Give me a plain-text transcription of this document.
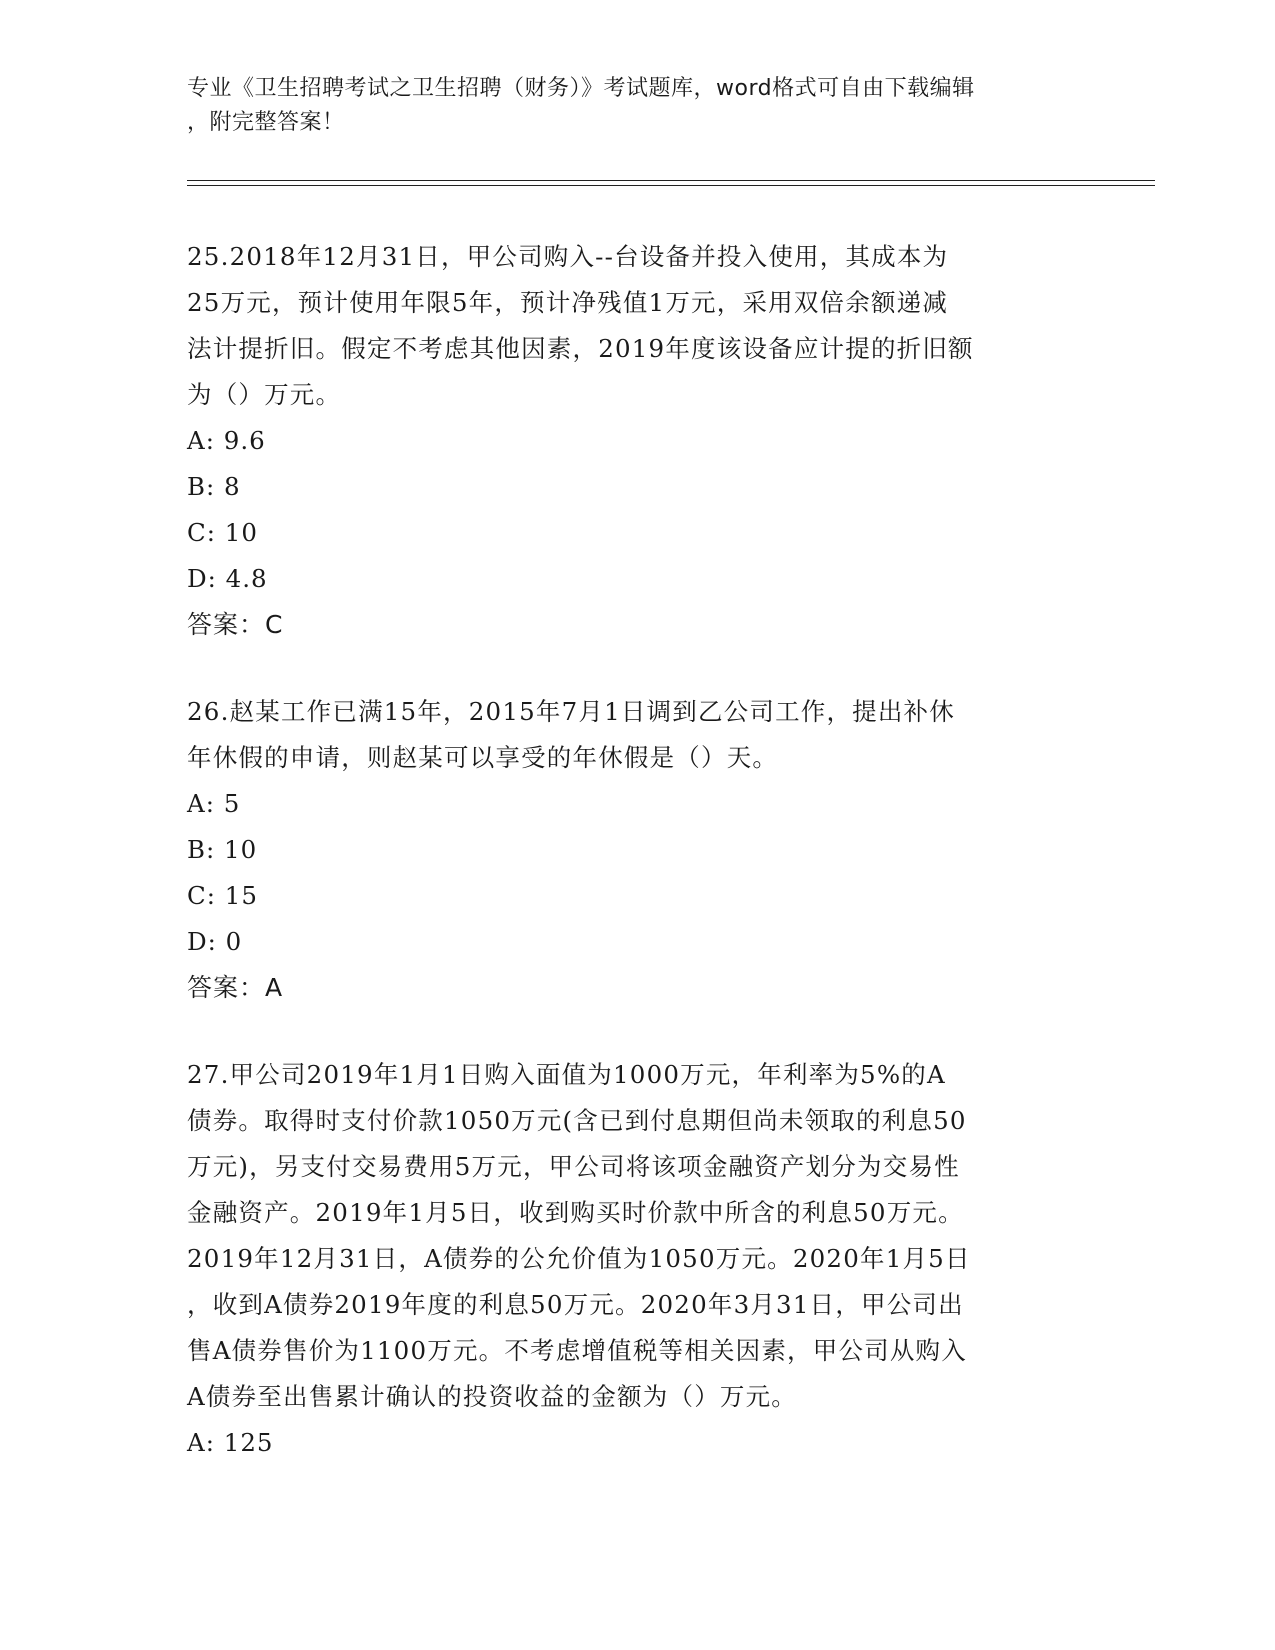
专业《卫生招聘考试之卫生招聘（财务）》考试题库，word格式可自由下载编辑
，附完整答案！

25.2018年12月31日，甲公司购入--台设备并投入使用，其成本为
25万元，预计使用年限5年，预计净残值1万元，采用双倍余额递减
法计提折旧。假定不考虑其他因素，2019年度该设备应计提的折旧额
为（）万元。

A: 9.6

B: 8

C: 10

D: 4.8

答案：C

26.赵某工作已满15年，2015年7月1日调到乙公司工作，提出补休
年休假的申请，则赵某可以享受的年休假是（）天。

A: 5

B: 10

C: 15

D: 0

答案：A

27.甲公司2019年1月1日购入面值为1000万元，年利率为5%的A
债券。取得时支付价款1050万元(含已到付息期但尚未领取的利息50
万元)，另支付交易费用5万元，甲公司将该项金融资产划分为交易性
金融资产。2019年1月5日，收到购买时价款中所含的利息50万元。
2019年12月31日，A债券的公允价值为1050万元。2020年1月5日
，收到A债券2019年度的利息50万元。2020年3月31日，甲公司出
售A债券售价为1100万元。不考虑增值税等相关因素，甲公司从购入
A债券至出售累计确认的投资收益的金额为（）万元。

A: 125
